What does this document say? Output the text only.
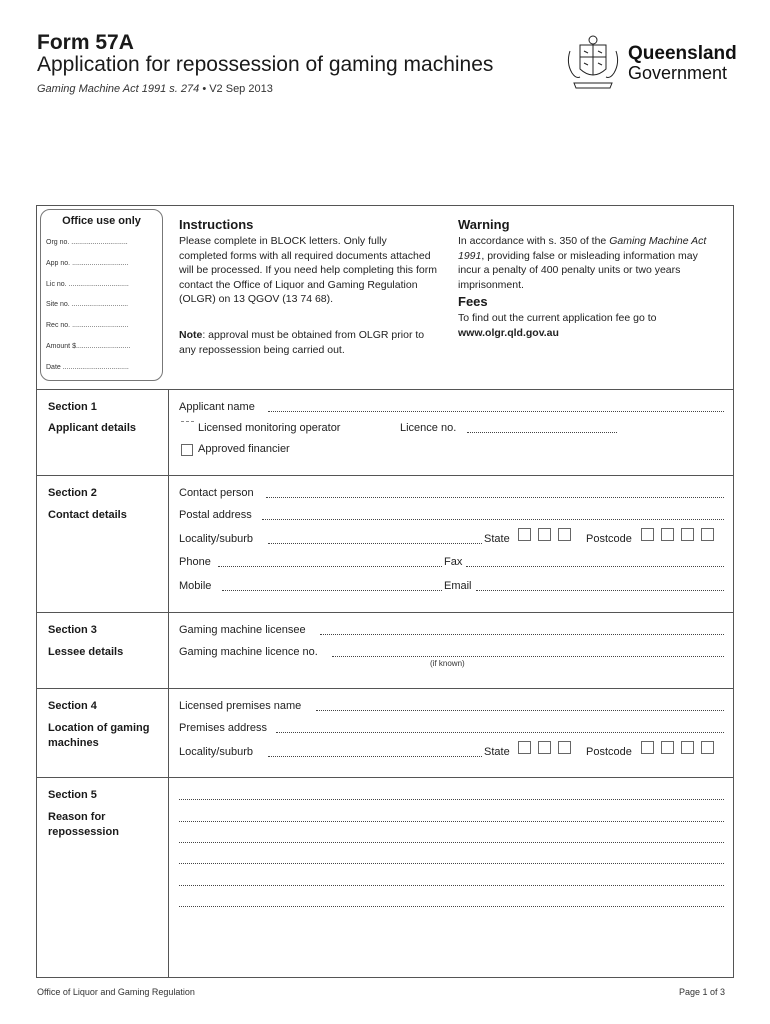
Form 57A
Application for repossession of gaming machines
Gaming Machine Act 1991 s. 274 • V2 Sep 2013
Queensland
Government
Office use only
Org no. .............................
App no. .............................
Lic no. ...............................
Site no. .............................
Rec no. .............................
Amount $............................
Date ..................................
Instructions
Please complete in BLOCK letters. Only fully completed forms with all required documents attached will be processed. If you need help completing this form contact the Office of Liquor and Gaming Regulation (OLGR) on 13 QGOV (13 74 68).
Note: approval must be obtained from OLGR prior to any repossession being carried out.
Warning
In accordance with s. 350 of the Gaming Machine Act 1991, providing false or misleading information may incur a penalty of 400 penalty units or two years imprisonment.
Fees
To find out the current application fee go to
www.olgr.qld.gov.au
Section 1
Applicant details
Applicant name
Licensed monitoring operator	Licence no.
Approved financier
Section 2
Contact details
Contact person
Postal address
Locality/suburb	State	Postcode
Phone	Fax
Mobile	Email
Section 3
Lessee details
Gaming machine licensee
Gaming machine licence no.
(if known)
Section 4
Location of gaming machines
Licensed premises name
Premises address
Locality/suburb	State	Postcode
Section 5
Reason for repossession
Office of Liquor and Gaming Regulation	Page 1 of 3
